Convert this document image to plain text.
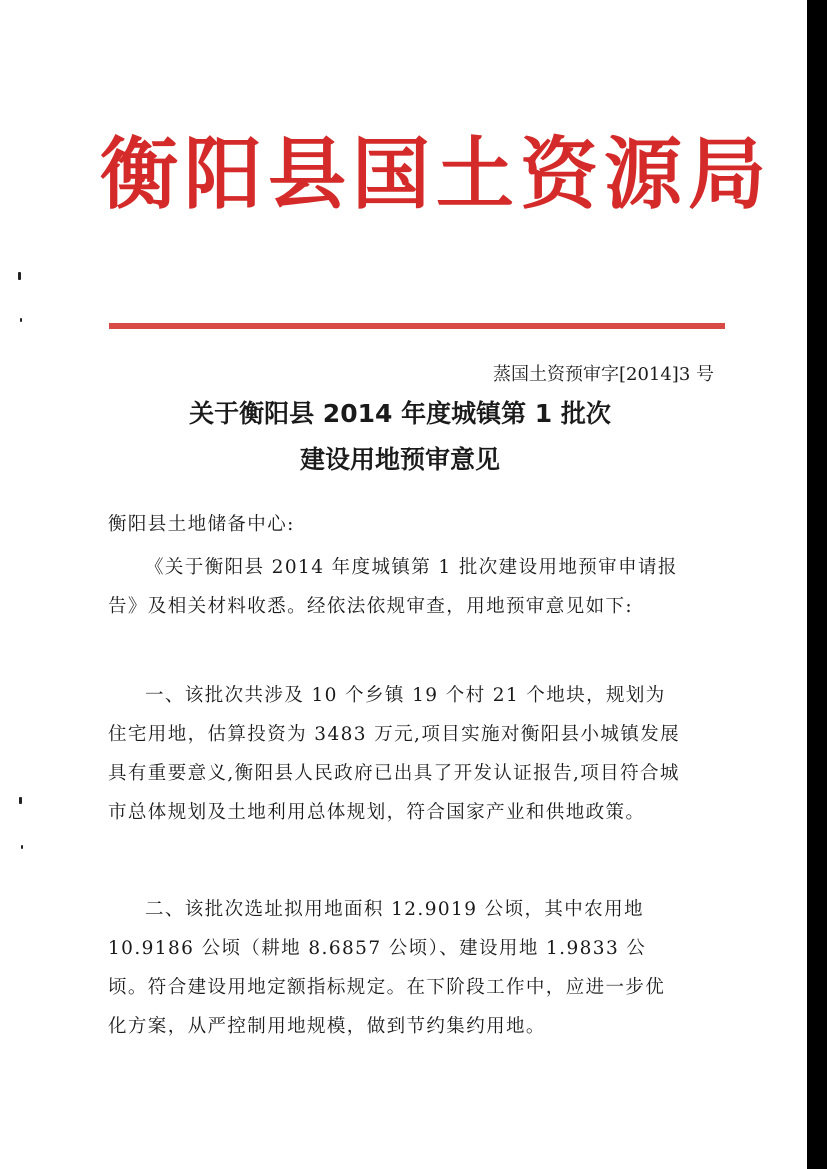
衡阳县国土资源局
蒸国土资预审字[2014]3 号
关于衡阳县 2014 年度城镇第 1 批次
建设用地预审意见
衡阳县土地储备中心:

《关于衡阳县 2014 年度城镇第 1 批次建设用地预审申请报告》及相关材料收悉。经依法依规审查，用地预审意见如下:

一、该批次共涉及 10 个乡镇 19 个村 21 个地块，规划为住宅用地，估算投资为 3483 万元,项目实施对衡阳县小城镇发展具有重要意义,衡阳县人民政府已出具了开发认证报告,项目符合城市总体规划及土地利用总体规划，符合国家产业和供地政策。

二、该批次选址拟用地面积 12.9019 公顷，其中农用地 10.9186 公顷（耕地 8.6857 公顷）、建设用地 1.9833 公顷。符合建设用地定额指标规定。在下阶段工作中，应进一步优化方案，从严控制用地规模，做到节约集约用地。
